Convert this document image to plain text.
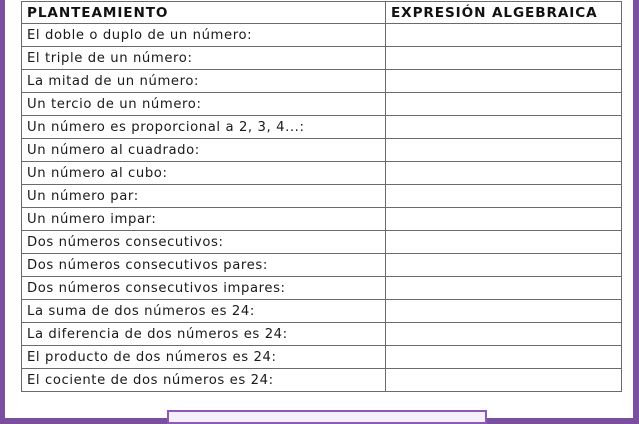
PLANTEAMIENTO	EXPRESIÓN ALGEBRAICA
El doble o duplo de un número:	
El triple de un número:	
La mitad de un número:	
Un tercio de un número:	
Un número es proporcional a 2, 3, 4...:	
Un número al cuadrado:	
Un número al cubo:	
Un número par:	
Un número impar:	
Dos números consecutivos:	
Dos números consecutivos pares:	
Dos números consecutivos impares:	
La suma de dos números es 24:	
La diferencia de dos números es 24:	
El producto de dos números es 24:	
El cociente de dos números es 24:	
